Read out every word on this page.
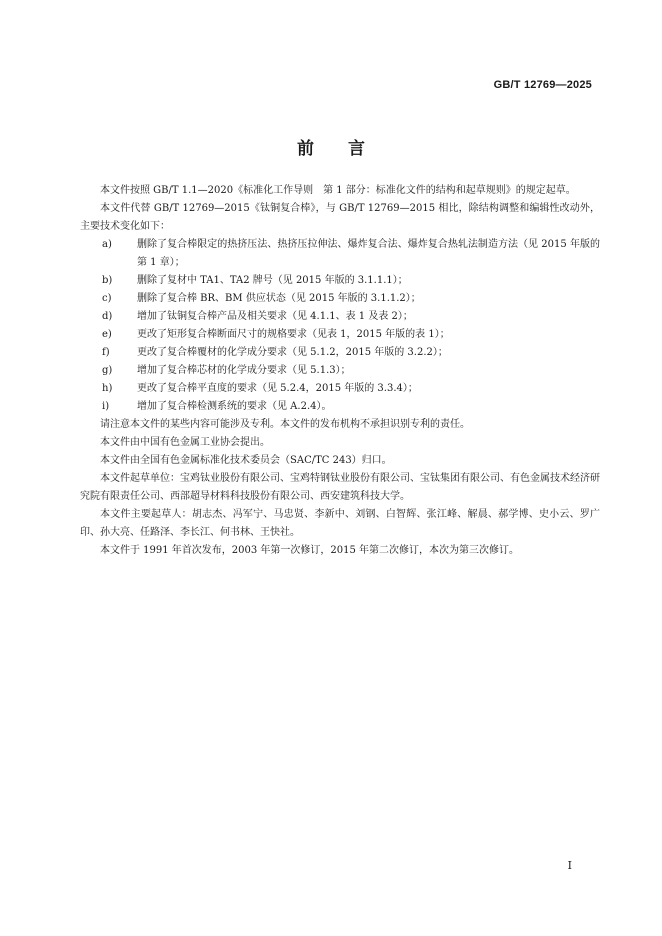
GB/T 12769—2025
前言

本文件按照 GB/T 1.1—2020《标准化工作导则　第 1 部分：标准化文件的结构和起草规则》的规定起草。

本文件代替 GB/T 12769—2015《钛铜复合棒》，与 GB/T 12769—2015 相比，除结构调整和编辑性改动外，主要技术变化如下：

a)	删除了复合棒限定的热挤压法、热挤压拉伸法、爆炸复合法、爆炸复合热轧法制造方法（见 2015 年版的第 1 章）；
b)	删除了复材中 TA1、TA2 牌号（见 2015 年版的 3.1.1.1）；
c)	删除了复合棒 BR、BM 供应状态（见 2015 年版的 3.1.1.2）；
d)	增加了钛铜复合棒产品及相关要求（见 4.1.1、表 1 及表 2）；
e)	更改了矩形复合棒断面尺寸的规格要求（见表 1，2015 年版的表 1）；
f)	更改了复合棒覆材的化学成分要求（见 5.1.2，2015 年版的 3.2.2）；
g)	增加了复合棒芯材的化学成分要求（见 5.1.3）；
h)	更改了复合棒平直度的要求（见 5.2.4，2015 年版的 3.3.4）；
i)	增加了复合棒检测系统的要求（见 A.2.4）。

请注意本文件的某些内容可能涉及专利。本文件的发布机构不承担识别专利的责任。

本文件由中国有色金属工业协会提出。

本文件由全国有色金属标准化技术委员会（SAC/TC 243）归口。

本文件起草单位：宝鸡钛业股份有限公司、宝鸡特钢钛业股份有限公司、宝钛集团有限公司、有色金属技术经济研究院有限责任公司、西部超导材料科技股份有限公司、西安建筑科技大学。

本文件主要起草人：胡志杰、冯军宁、马忠贤、李新中、刘钢、白智辉、张江峰、解晨、郝学博、史小云、罗广印、孙大亮、任路泽、李长江、何书林、王快社。

本文件于 1991 年首次发布，2003 年第一次修订，2015 年第二次修订，本次为第三次修订。

I
